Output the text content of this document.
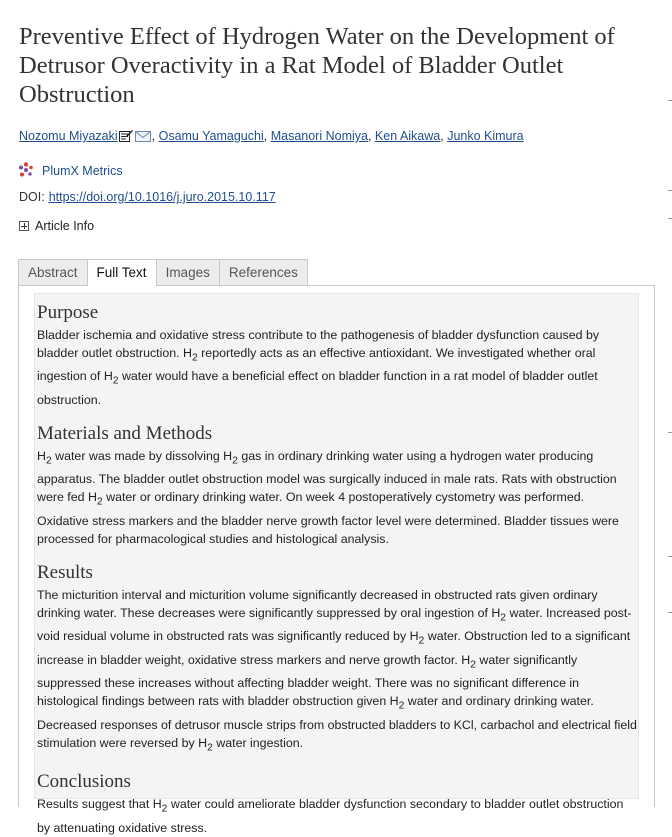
Preventive Effect of Hydrogen Water on the Development of Detrusor Overactivity in a Rat Model of Bladder Outlet Obstruction
Nozomu Miyazaki	, Osamu Yamaguchi, Masanori Nomiya, Ken Aikawa, Junko Kimura
PlumX Metrics
DOI: https://doi.org/10.1016/j.juro.2015.10.117
Article Info
Abstract	Full Text	Images	References
Purpose

Bladder ischemia and oxidative stress contribute to the pathogenesis of bladder dysfunction caused by bladder outlet obstruction. $H_2$ reportedly acts as an effective antioxidant. We investigated whether oral ingestion of $H_2$ water would have a beneficial effect on bladder function in a rat model of bladder outlet obstruction.

Materials and Methods

$H_2$ water was made by dissolving $H_2$ gas in ordinary drinking water using a hydrogen water producing apparatus. The bladder outlet obstruction model was surgically induced in male rats. Rats with obstruction were fed $H_2$ water or ordinary drinking water. On week 4 postoperatively cystometry was performed. Oxidative stress markers and the bladder nerve growth factor level were determined. Bladder tissues were processed for pharmacological studies and histological analysis.

Results

The micturition interval and micturition volume significantly decreased in obstructed rats given ordinary drinking water. These decreases were significantly suppressed by oral ingestion of $H_2$ water. Increased post-void residual volume in obstructed rats was significantly reduced by $H_2$ water. Obstruction led to a significant increase in bladder weight, oxidative stress markers and nerve growth factor. $H_2$ water significantly suppressed these increases without affecting bladder weight. There was no significant difference in histological findings between rats with bladder obstruction given $H_2$ water and ordinary drinking water. Decreased responses of detrusor muscle strips from obstructed bladders to KCl, carbachol and electrical field stimulation were reversed by $H_2$ water ingestion.

Conclusions

Results suggest that $H_2$ water could ameliorate bladder dysfunction secondary to bladder outlet obstruction by attenuating oxidative stress.
